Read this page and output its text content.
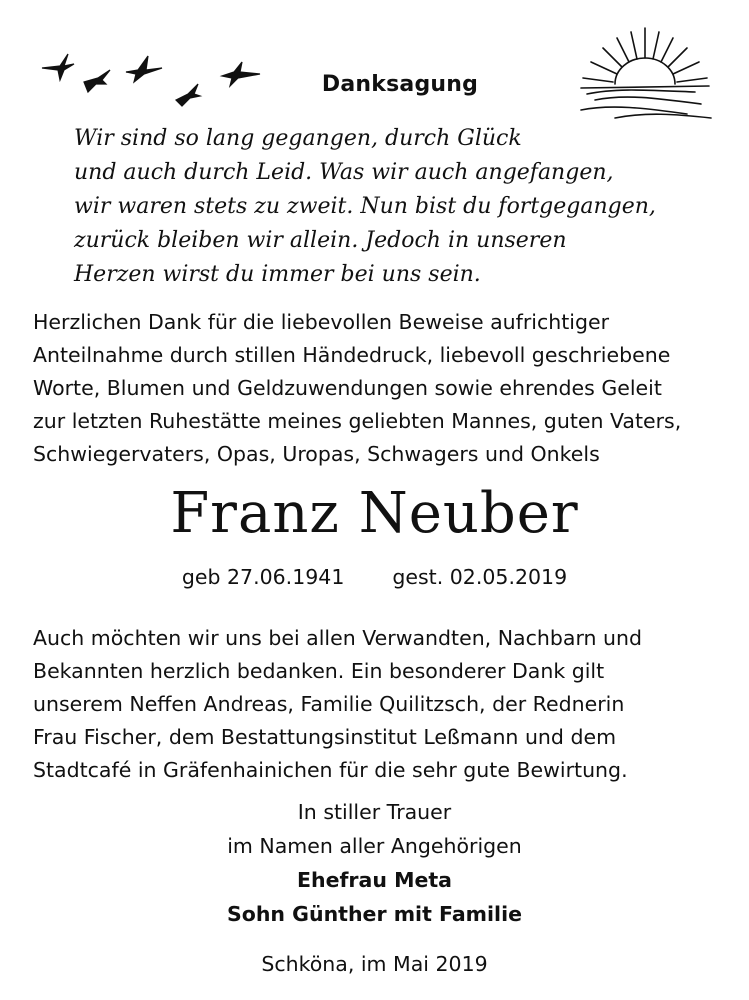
Danksagung
Wir sind so lang gegangen, durch Glück
und auch durch Leid. Was wir auch angefangen,
wir waren stets zu zweit. Nun bist du fortgegangen,
zurück bleiben wir allein. Jedoch in unseren
Herzen wirst du immer bei uns sein.
Herzlichen Dank für die liebevollen Beweise aufrichtiger
Anteilnahme durch stillen Händedruck, liebevoll geschriebene
Worte, Blumen und Geldzuwendungen sowie ehrendes Geleit
zur letzten Ruhestätte meines geliebten Mannes, guten Vaters,
Schwiegervaters, Opas, Uropas, Schwagers und Onkels
Franz Neuber
geb 27.06.1941 gest. 02.05.2019
Auch möchten wir uns bei allen Verwandten, Nachbarn und
Bekannten herzlich bedanken. Ein besonderer Dank gilt
unserem Neffen Andreas, Familie Quilitzsch, der Rednerin
Frau Fischer, dem Bestattungsinstitut Leßmann und dem
Stadtcafé in Gräfenhainichen für die sehr gute Bewirtung.
In stiller Trauer
im Namen aller Angehörigen
Ehefrau Meta
Sohn Günther mit Familie
Schköna, im Mai 2019
